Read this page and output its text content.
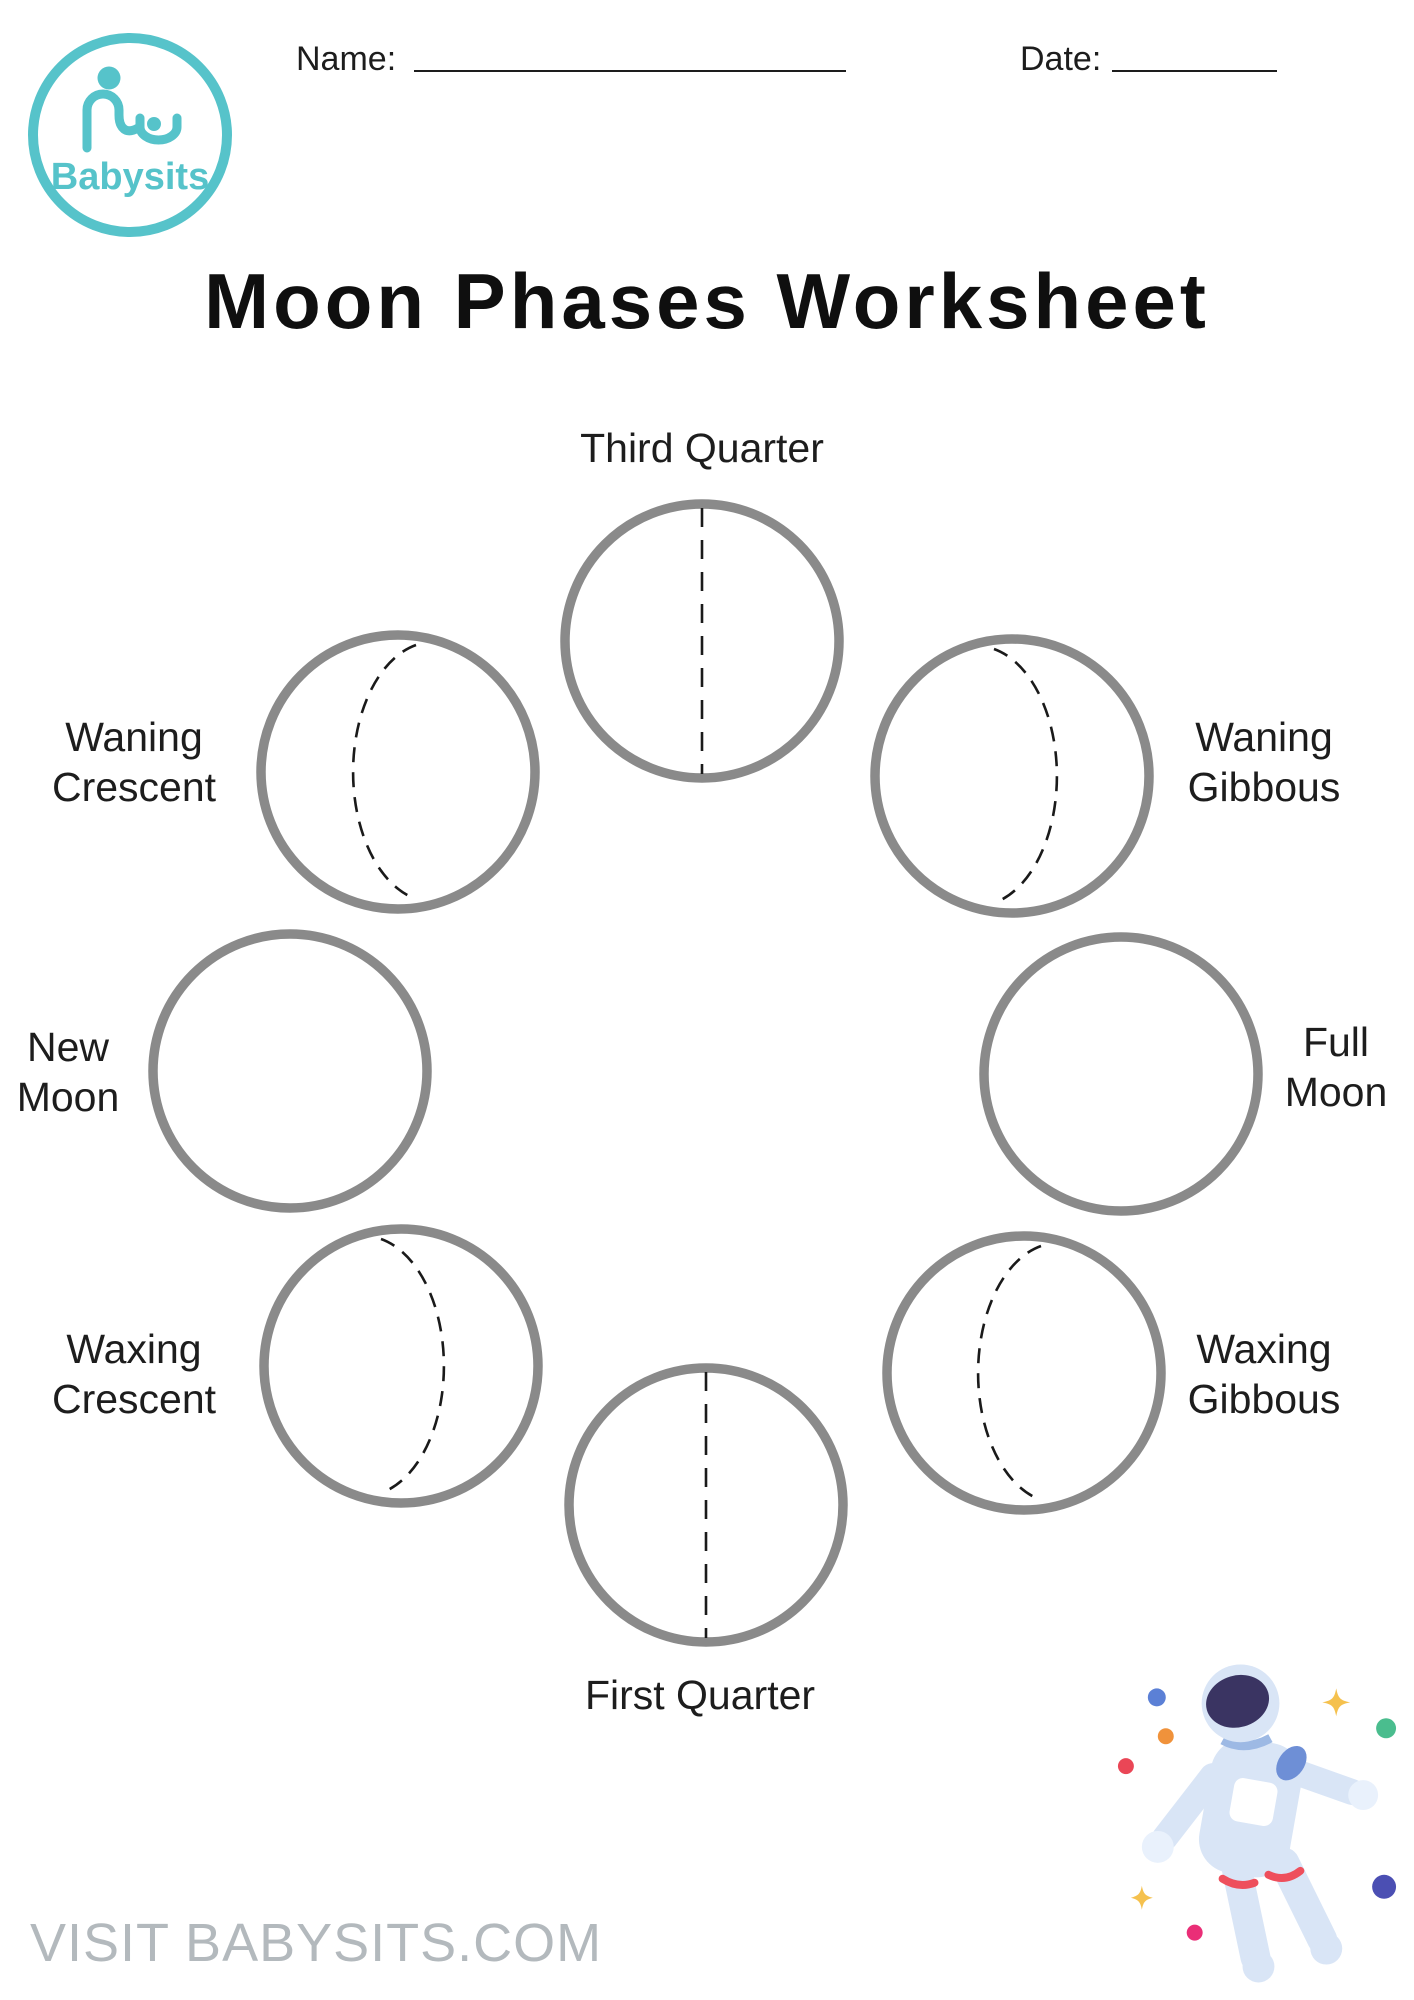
Babysits
Name:	Date:
Moon Phases Worksheet
Third Quarter
Waning
Gibbous
Full
Moon
Waxing
Gibbous
First Quarter
Waxing
Crescent
New
Moon
Waning
Crescent
VISIT BABYSITS.COM
